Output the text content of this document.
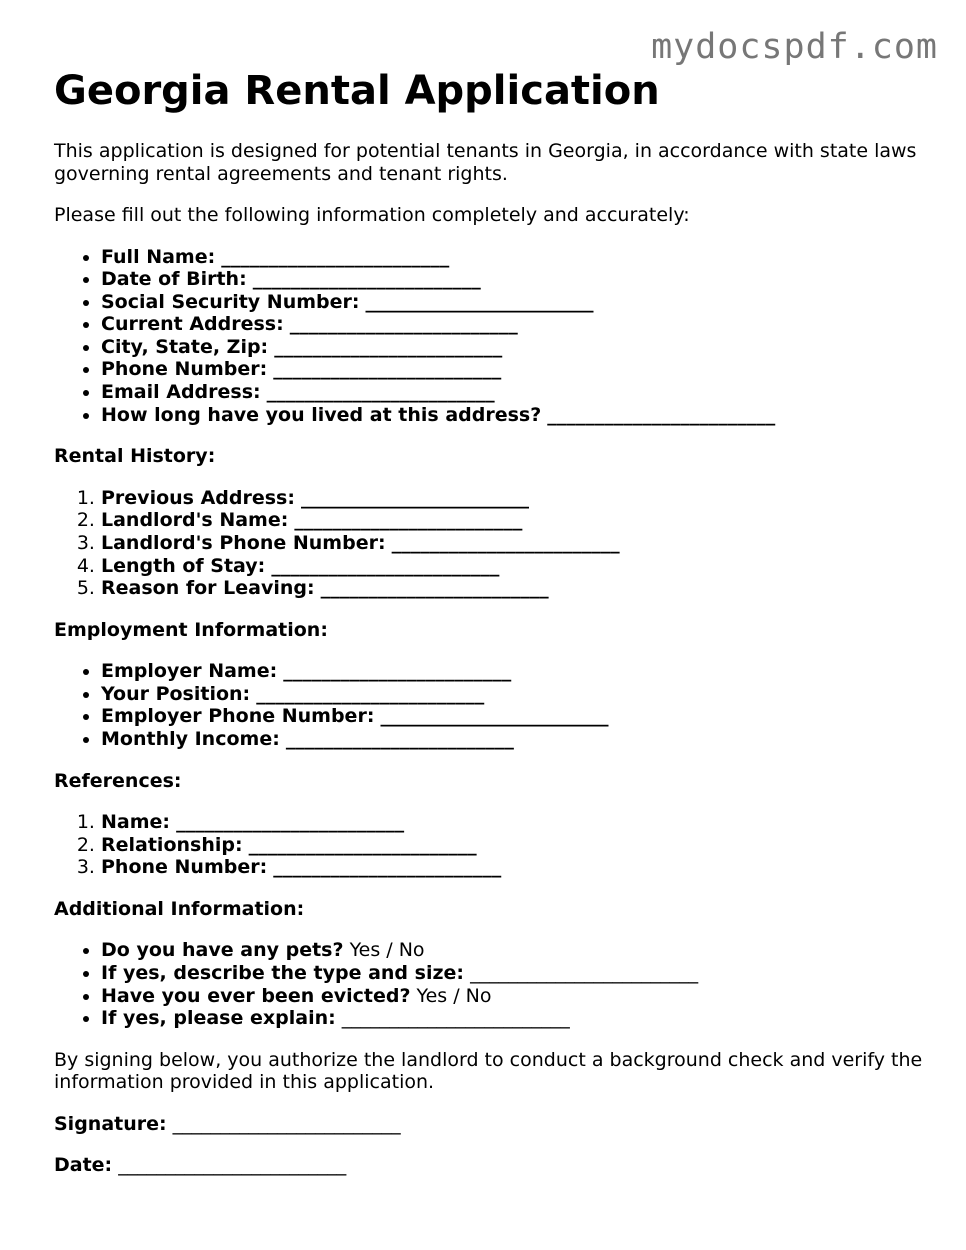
mydocspdf.com
Georgia Rental Application

This application is designed for potential tenants in Georgia, in accordance with state laws governing rental agreements and tenant rights.

Please fill out the following information completely and accurately:

• Full Name: ________________________
• Date of Birth: ________________________
• Social Security Number: ________________________
• Current Address: ________________________
• City, State, Zip: ________________________
• Phone Number: ________________________
• Email Address: ________________________
• How long have you lived at this address? ________________________

Rental History:

1. Previous Address: ________________________
2. Landlord's Name: ________________________
3. Landlord's Phone Number: ________________________
4. Length of Stay: ________________________
5. Reason for Leaving: ________________________

Employment Information:

• Employer Name: ________________________
• Your Position: ________________________
• Employer Phone Number: ________________________
• Monthly Income: ________________________

References:

1. Name: ________________________
2. Relationship: ________________________
3. Phone Number: ________________________

Additional Information:

• Do you have any pets? Yes / No
• If yes, describe the type and size: ________________________
• Have you ever been evicted? Yes / No
• If yes, please explain: ________________________

By signing below, you authorize the landlord to conduct a background check and verify the information provided in this application.

Signature: ________________________

Date: ________________________
